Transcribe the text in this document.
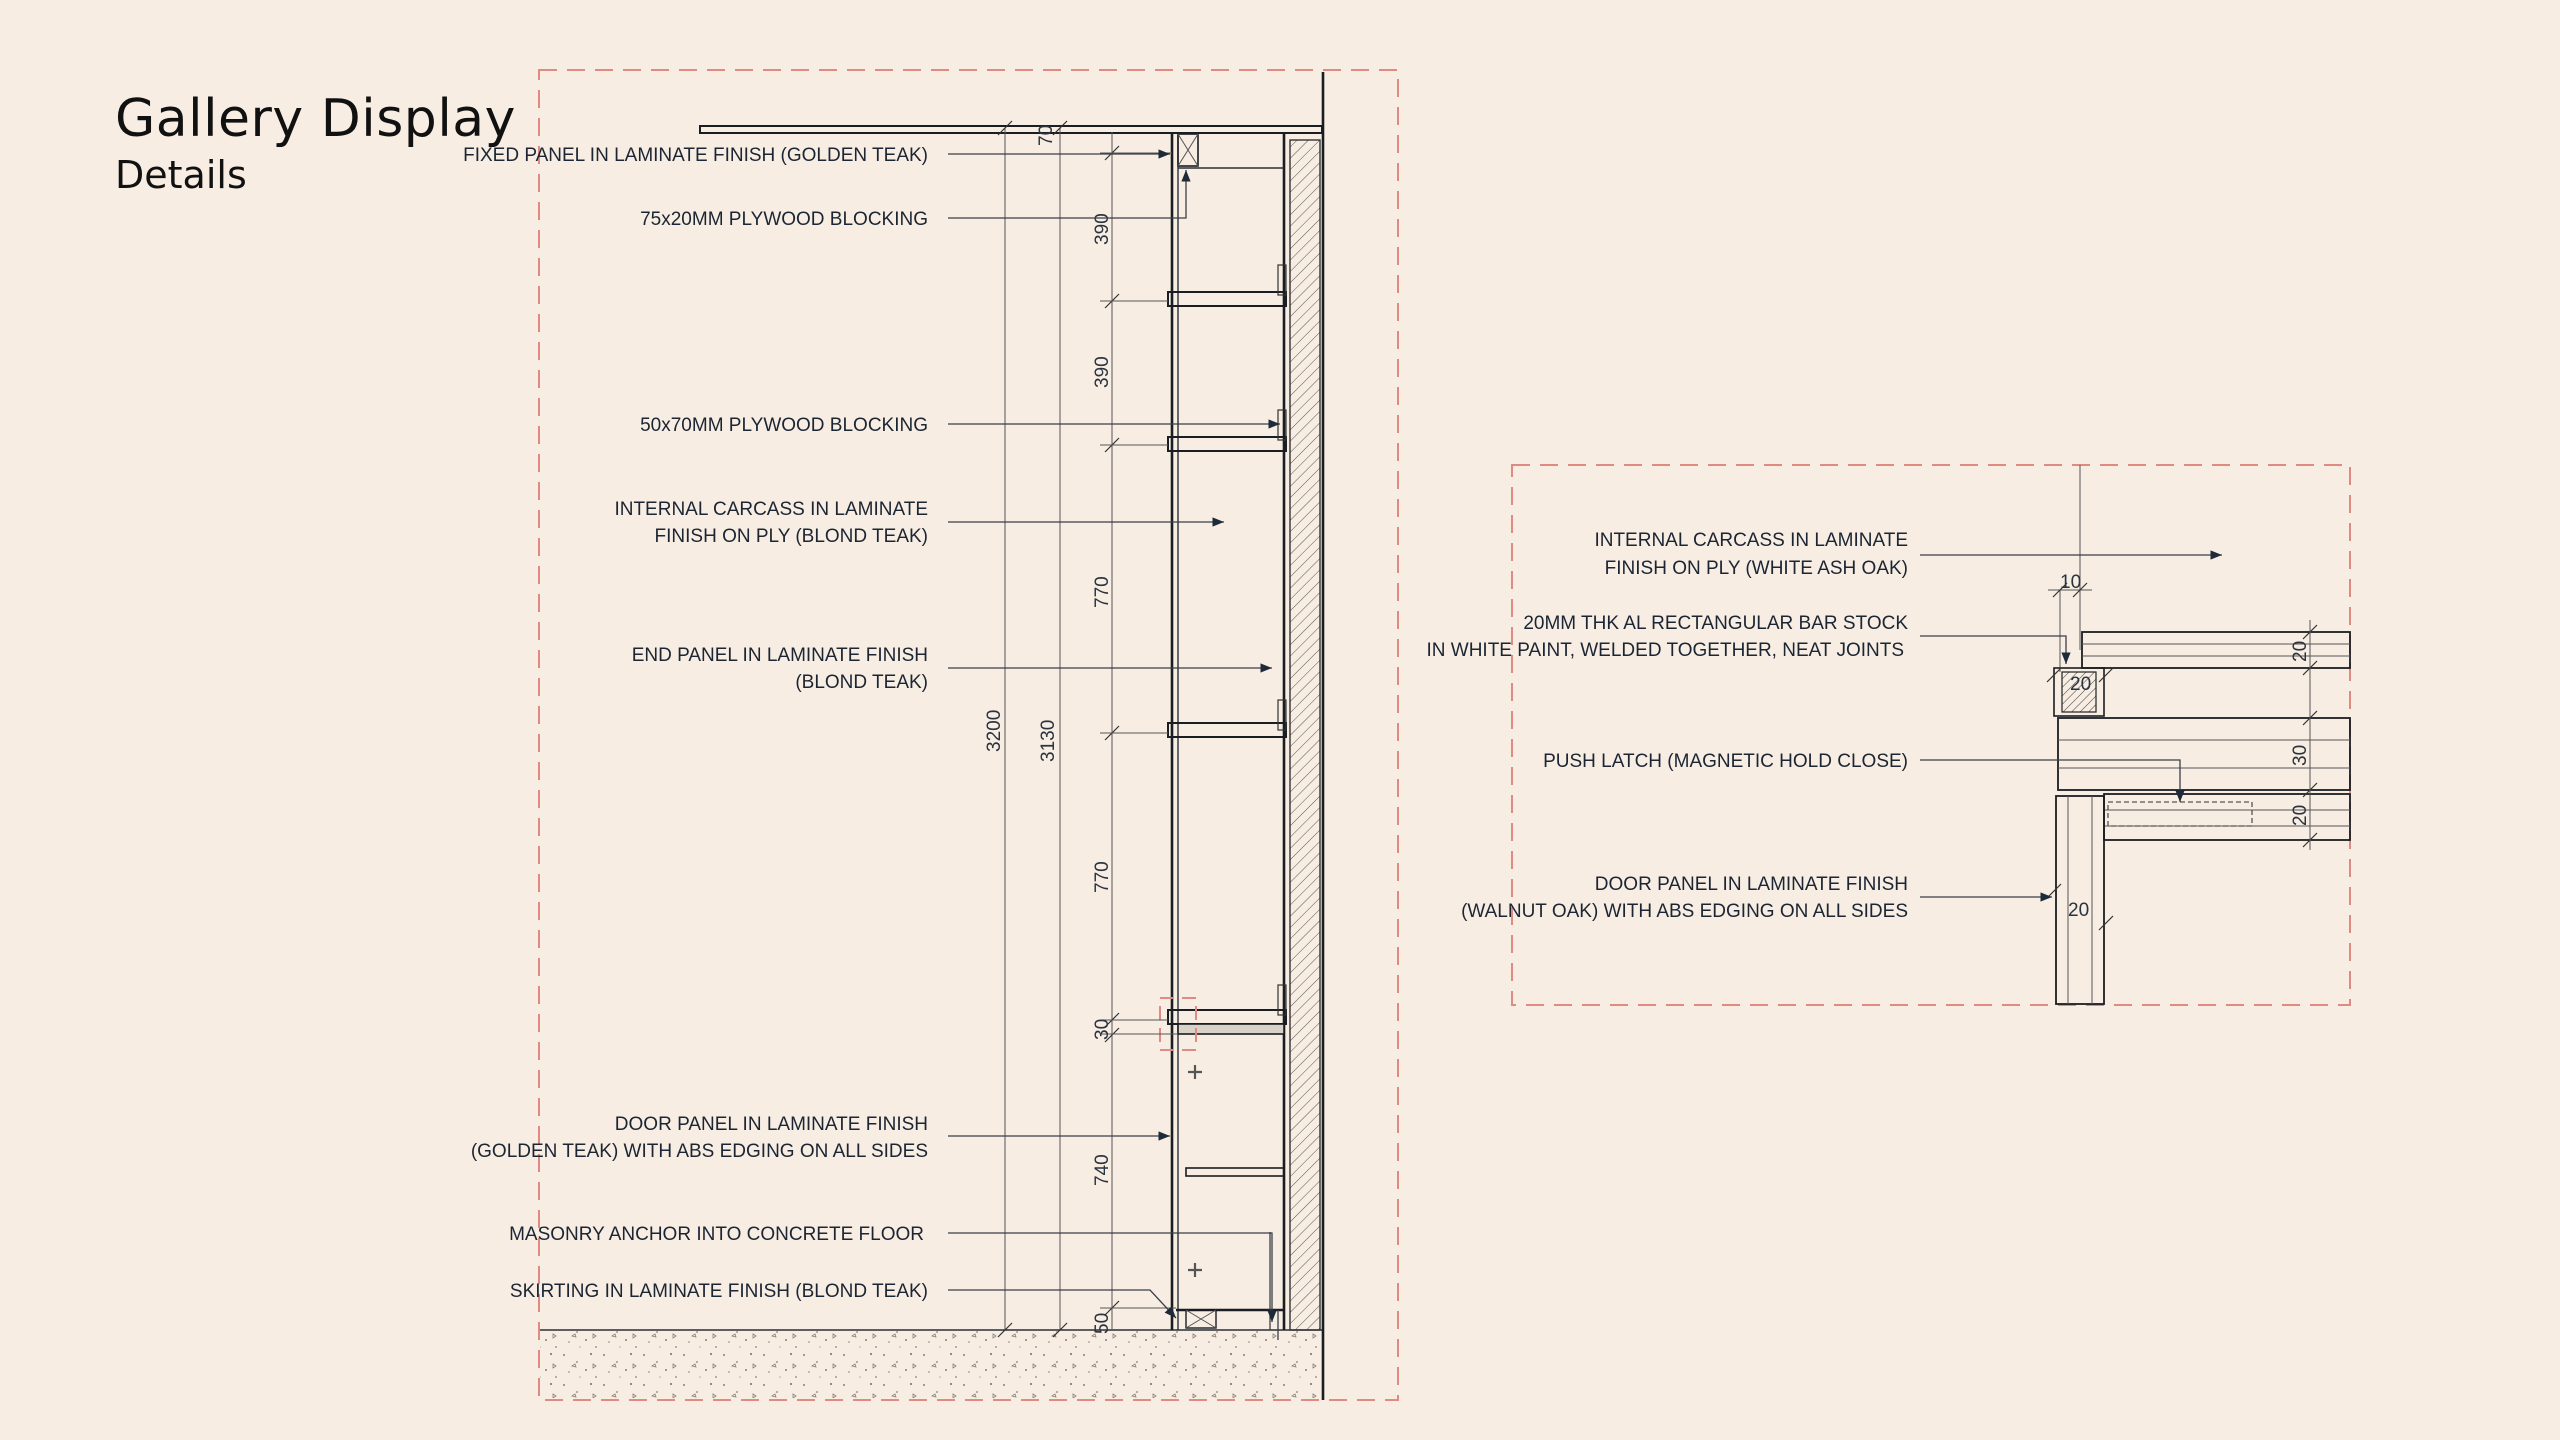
Gallery Display
Details
70
390
390
770
770
30
740
50
3200 3130
FIXED PANEL IN LAMINATE FINISH (GOLDEN TEAK)
75x20MM PLYWOOD BLOCKING
50x70MM PLYWOOD BLOCKING
INTERNAL CARCASS IN LAMINATE
FINISH ON PLY (BLOND TEAK)
END PANEL IN LAMINATE FINISH
(BLOND TEAK)
DOOR PANEL IN LAMINATE FINISH
(GOLDEN TEAK) WITH ABS EDGING ON ALL SIDES
MASONRY ANCHOR INTO CONCRETE FLOOR
SKIRTING IN LAMINATE FINISH (BLOND TEAK)
10
20
20
30
20
20
INTERNAL CARCASS IN LAMINATE
FINISH ON PLY (WHITE ASH OAK)
20MM THK AL RECTANGULAR BAR STOCK
IN WHITE PAINT, WELDED TOGETHER, NEAT JOINTS
PUSH LATCH (MAGNETIC HOLD CLOSE)
DOOR PANEL IN LAMINATE FINISH
(WALNUT OAK) WITH ABS EDGING ON ALL SIDES
